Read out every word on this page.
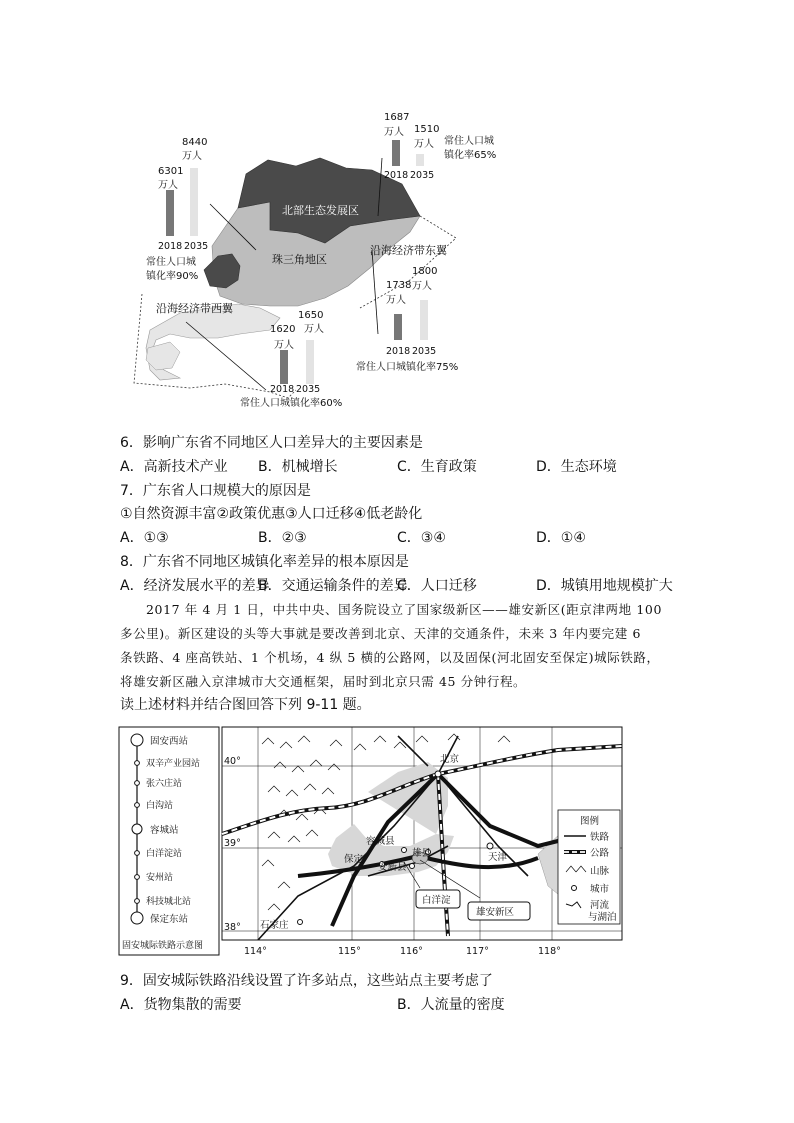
北部生态发展区
珠三角地区
沿海经济带东翼
沿海经济带西翼
6301
万人
8440
万人
2018 2035
常住人口城
镇化率90%
1687
万人 1510
万人
2018 2035
常住人口城
镇化率65%
1738
万人
1800
万人
2018 2035
常住人口城镇化率75%
1620
万人
1650
万人
2018 2035
常住人口城镇化率60%
6．影响广东省不同地区人口差异大的主要因素是
A．高新技术产业 B．机械增长	C．生育政策	D．生态环境
7．广东省人口规模大的原因是
①自然资源丰富②政策优惠③人口迁移④低老龄化
A．①③	B．②③	C．③④	D．①④
8．广东省不同地区城镇化率差异的根本原因是
A．经济发展水平的差异
B．交通运输条件的差异
C．人口迁移	D．城镇用地规模扩大
2017 年 4 月 1 日，中共中央、国务院设立了国家级新区——雄安新区(距京津两地 100
多公里)。新区建设的头等大事就是要改善到北京、天津的交通条件，未来 3 年内要完建 6
条铁路、4 座高铁站、1 个机场，4 纵 5 横的公路网，以及固保(河北固安至保定)城际铁路，
将雄安新区融入京津城市大交通框架，届时到北京只需 45 分钟行程。
读上述材料并结合图回答下列 9-11 题。
固安西站
双辛产业园站
张六庄站
白沟站
容城站
白洋淀站
安州站
科技城北站
保定东站
固安城际铁路示意图
北京
天津
容城县
雄县
保定
安新县
石家庄
白洋淀
雄安新区
40°
39°
38°
114°	115°	116°	117°	118°
图例
铁路
公路
山脉
城市
河流
与湖泊
9．固安城际铁路沿线设置了许多站点，这些站点主要考虑了
A．货物集散的需要	B．人流量的密度
